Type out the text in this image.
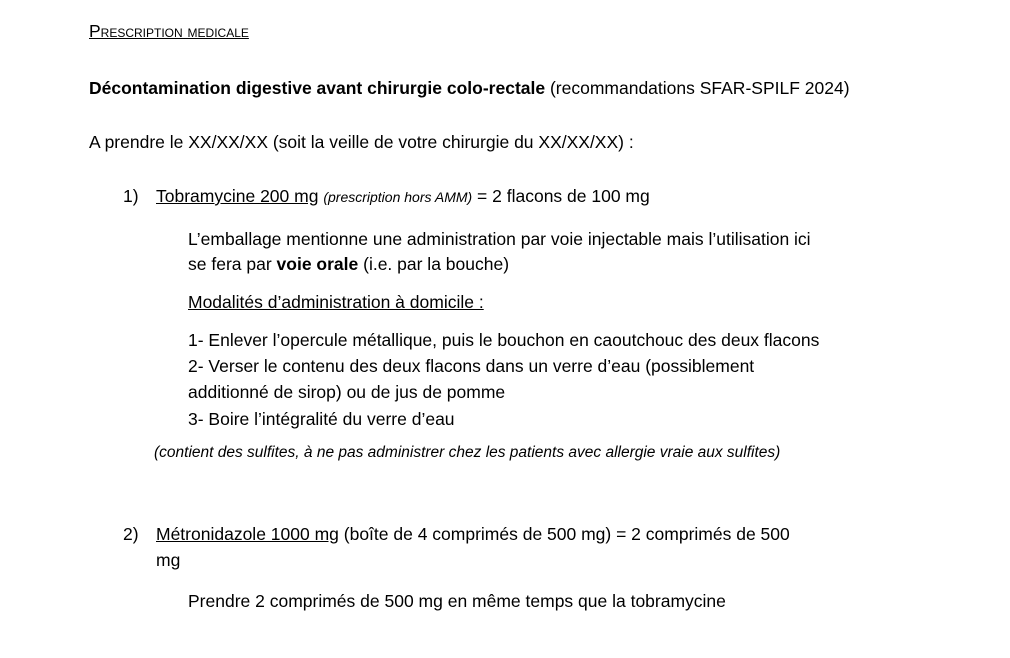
Prescription medicale
Décontamination digestive avant chirurgie colo-rectale (recommandations SFAR-SPILF 2024)
A prendre le XX/XX/XX (soit la veille de votre chirurgie du XX/XX/XX) :
1) Tobramycine 200 mg (prescription hors AMM) = 2 flacons de 100 mg
L’emballage mentionne une administration par voie injectable mais l’utilisation ici
se fera par voie orale (i.e. par la bouche)
Modalités d’administration à domicile :
1- Enlever l’opercule métallique, puis le bouchon en caoutchouc des deux flacons
2- Verser le contenu des deux flacons dans un verre d’eau (possiblement
additionné de sirop) ou de jus de pomme
3- Boire l’intégralité du verre d’eau
(contient des sulfites, à ne pas administrer chez les patients avec allergie vraie aux sulfites)
2) Métronidazole 1000 mg (boîte de 4 comprimés de 500 mg) = 2 comprimés de 500
mg
Prendre 2 comprimés de 500 mg en même temps que la tobramycine
